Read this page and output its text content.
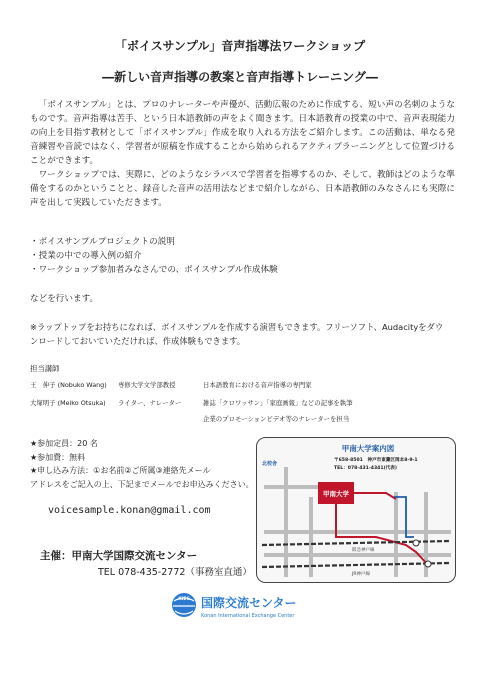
「ボイスサンプル」音声指導法ワークショップ
―新しい音声指導の教案と音声指導トレーニング―

「ボイスサンプル」とは、プロのナレーターや声優が、活動広報のために作成する、短い声の名刺のようなものです。音声指導は苦手、という日本語教師の声をよく聞きます。日本語教育の授業の中で、音声表現能力の向上を目指す教材として「ボイスサンプル」作成を取り入れる方法をご紹介します。この活動は、単なる発音練習や音読ではなく、学習者が原稿を作成することから始められるアクティブラーニングとして位置づけることができます。

ワークショップでは、実際に、どのようなシラバスで学習者を指導するのか、そして、教師はどのような準備をするのかということと、録音した音声の活用法などまで紹介しながら、日本語教師のみなさんにも実際に声を出して実践していただきます。

・ボイスサンプルプロジェクトの説明
・授業の中での導入例の紹介
・ワークショップ参加者みなさんでの、ボイスサンプル作成体験
などを行います。
※ラップトップをお持ちになれば、ボイスサンプルを作成する演習もできます。フリーソフト、Audacityをダウ
ンロードしておいていただければ、作成体験もできます。
担当講師
王　伸子 (Nobuko Wang) 専修大学文学部教授	日本語教育における音声指導の専門家
大塚明子 (Meiko Otsuka) ライター、ナレーター	雑誌「クロワッサン」「家庭画報」などの記事を執筆
企業のプロモーションビデオ等のナレーターを担当
★参加定員：20 名
★参加費：無料
★申し込み方法：①お名前②ご所属③連絡先メール
アドレスをご記入の上、下記までメールでお申込みください。
voicesample.konan@gmail.com
主催：甲南大学国際交流センター
TEL 078-435-2772（事務室直通）
KIEC 国際交流センター
Konan International Exchange Center
甲南大学
阪急神戸線
JR神戸線
北校舎
甲南大学案内図
〒658-8501　神戸市東灘区岡本8-9-1
TEL：078-431-4341(代表)
